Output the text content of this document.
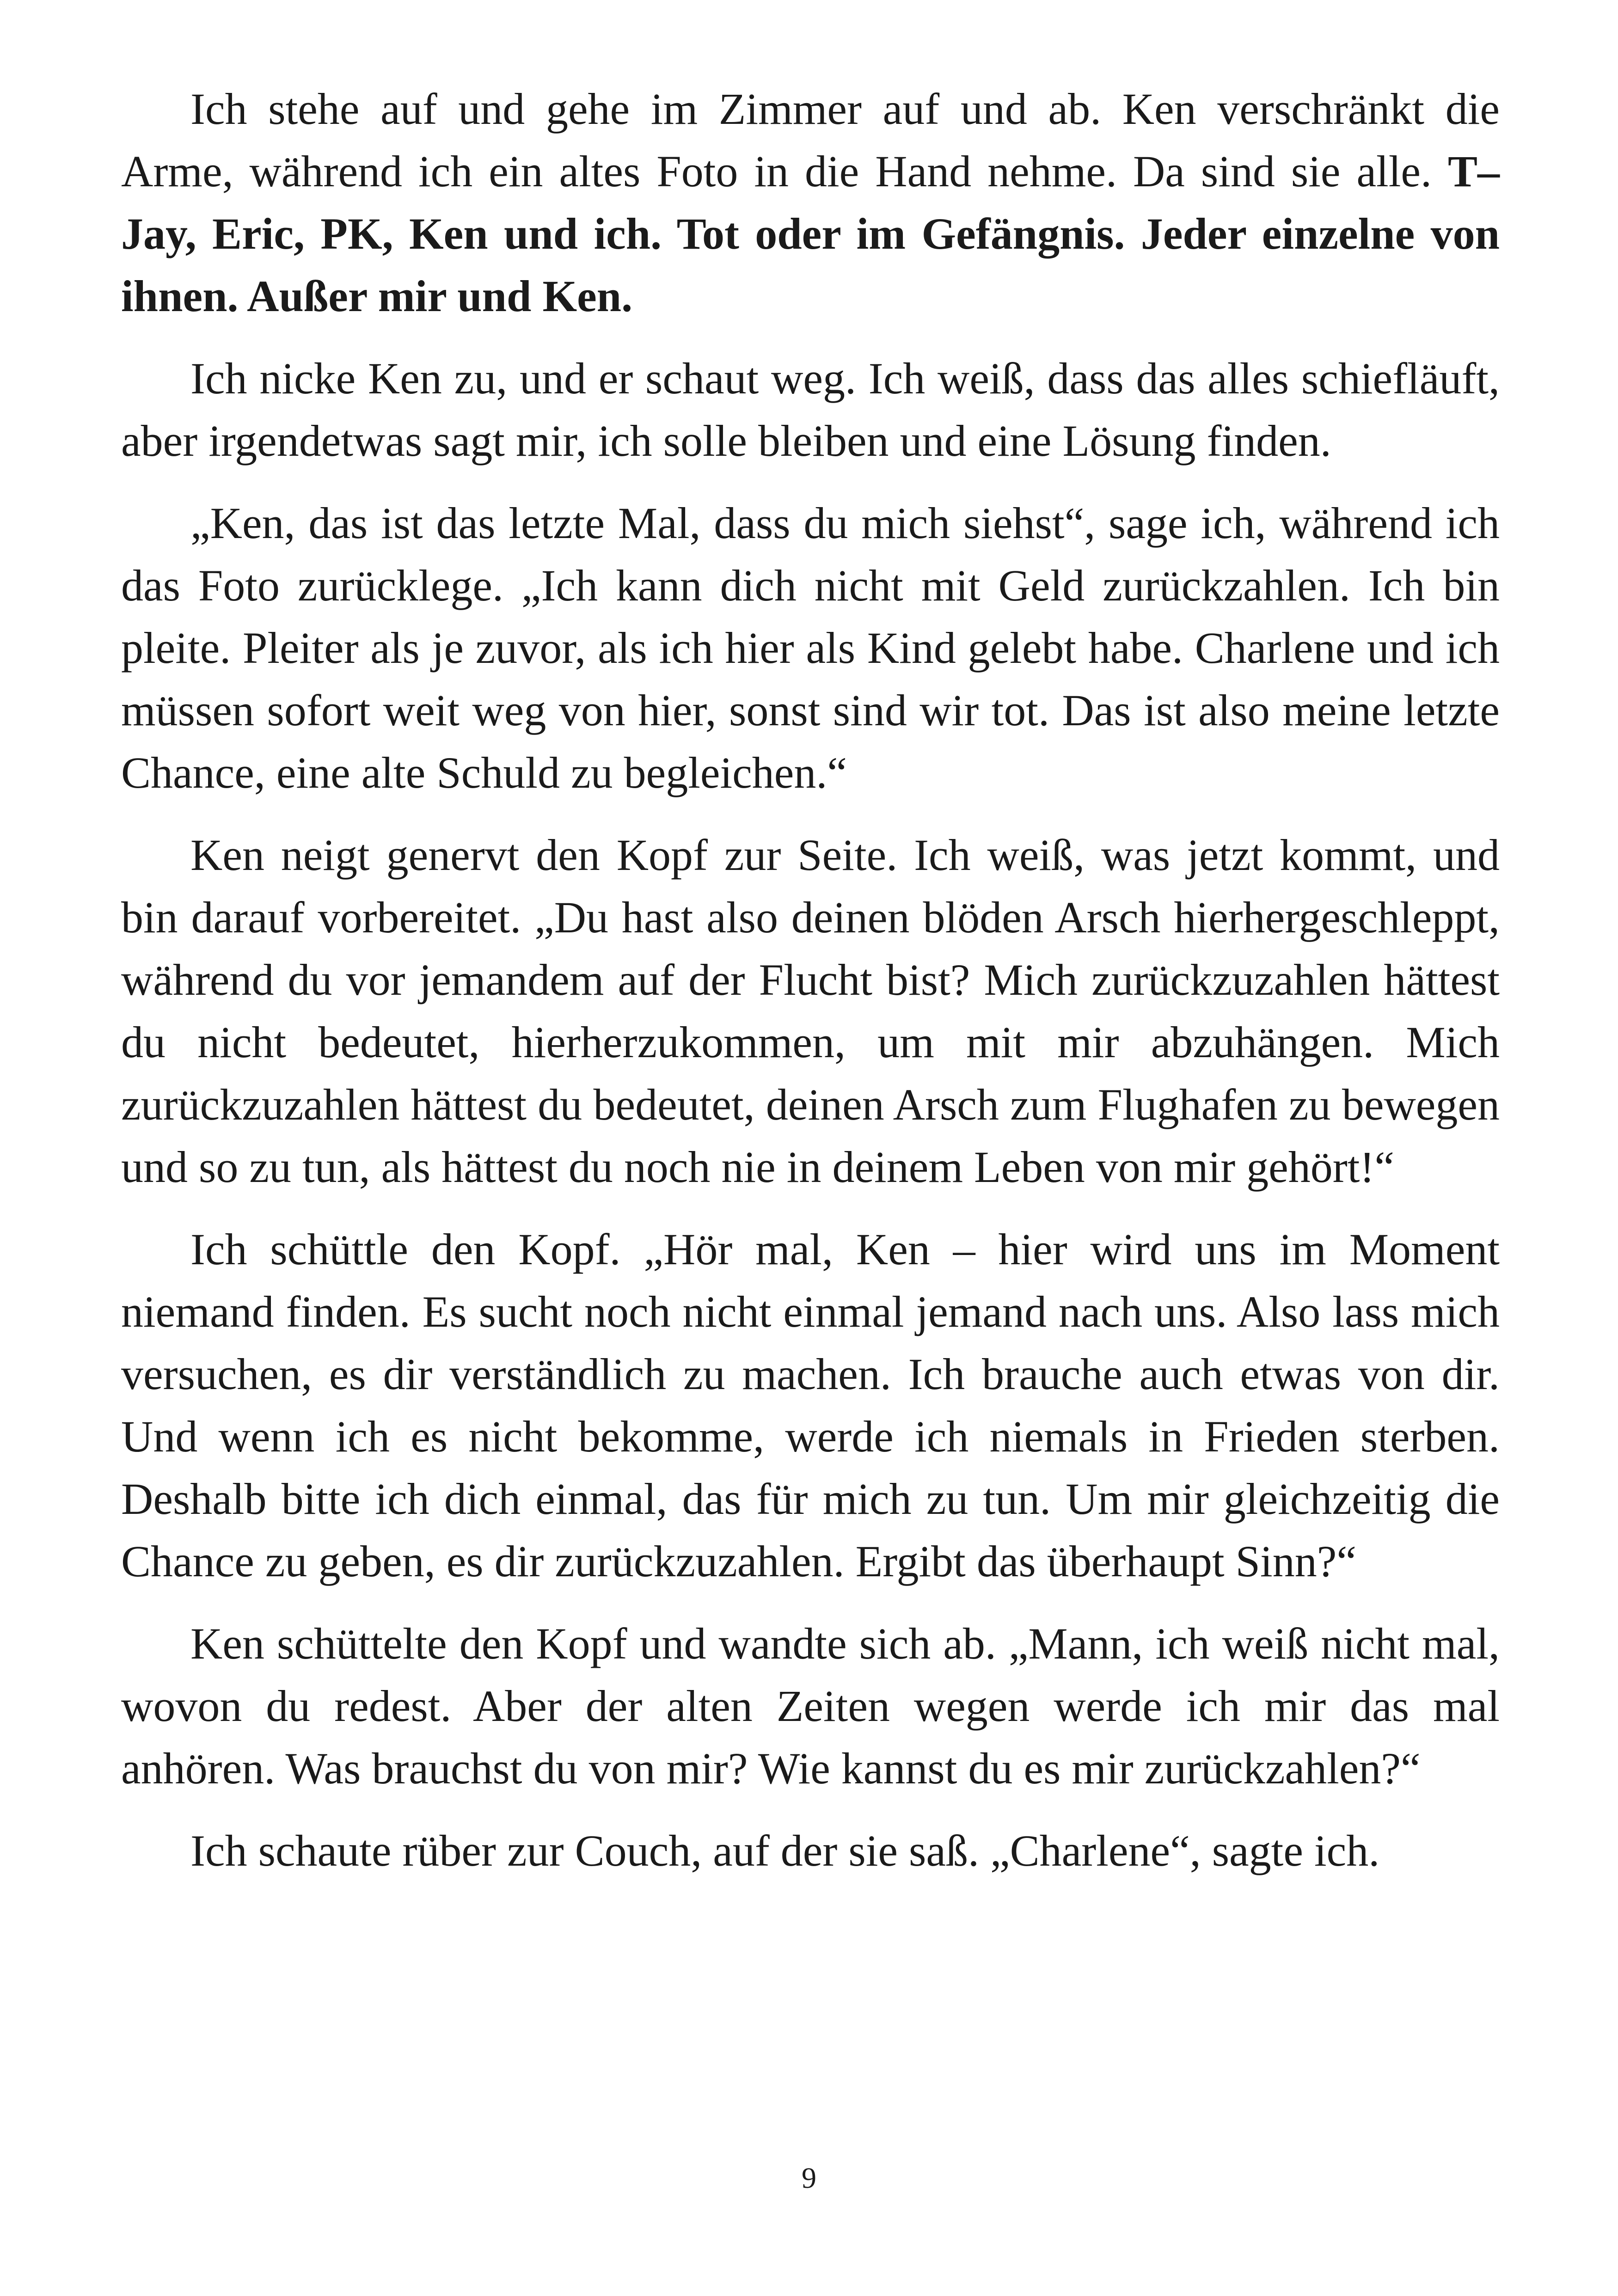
Ich stehe auf und gehe im Zimmer auf und ab. Ken verschränkt die Arme, während ich ein altes Foto in die Hand nehme. Da sind sie alle. T–Jay, Eric, PK, Ken und ich. Tot oder im Gefängnis. Jeder einzelne von ihnen. Außer mir und Ken.

Ich nicke Ken zu, und er schaut weg. Ich weiß, dass das alles schiefläuft, aber irgendetwas sagt mir, ich solle bleiben und eine Lösung finden.

„Ken, das ist das letzte Mal, dass du mich siehst“, sage ich, während ich das Foto zurücklege. „Ich kann dich nicht mit Geld zurückzahlen. Ich bin pleite. Pleiter als je zuvor, als ich hier als Kind gelebt habe. Charlene und ich müssen sofort weit weg von hier, sonst sind wir tot. Das ist also meine letzte Chance, eine alte Schuld zu begleichen.“

Ken neigt genervt den Kopf zur Seite. Ich weiß, was jetzt kommt, und bin darauf vorbereitet. „Du hast also deinen blöden Arsch hierhergeschleppt, während du vor jemandem auf der Flucht bist? Mich zurückzuzahlen hättest du nicht bedeutet, hierherzukommen, um mit mir abzuhängen. Mich zurückzuzahlen hättest du bedeutet, deinen Arsch zum Flughafen zu bewegen und so zu tun, als hättest du noch nie in deinem Leben von mir gehört!“

Ich schüttle den Kopf. „Hör mal, Ken – hier wird uns im Moment niemand finden. Es sucht noch nicht einmal jemand nach uns. Also lass mich versuchen, es dir verständlich zu machen. Ich brauche auch etwas von dir. Und wenn ich es nicht bekomme, werde ich niemals in Frieden sterben. Deshalb bitte ich dich einmal, das für mich zu tun. Um mir gleichzeitig die Chance zu geben, es dir zurückzuzahlen. Ergibt das überhaupt Sinn?“

Ken schüttelte den Kopf und wandte sich ab. „Mann, ich weiß nicht mal, wovon du redest. Aber der alten Zeiten wegen werde ich mir das mal anhören. Was brauchst du von mir? Wie kannst du es mir zurückzahlen?“

Ich schaute rüber zur Couch, auf der sie saß. „Charlene“, sagte ich.

9
